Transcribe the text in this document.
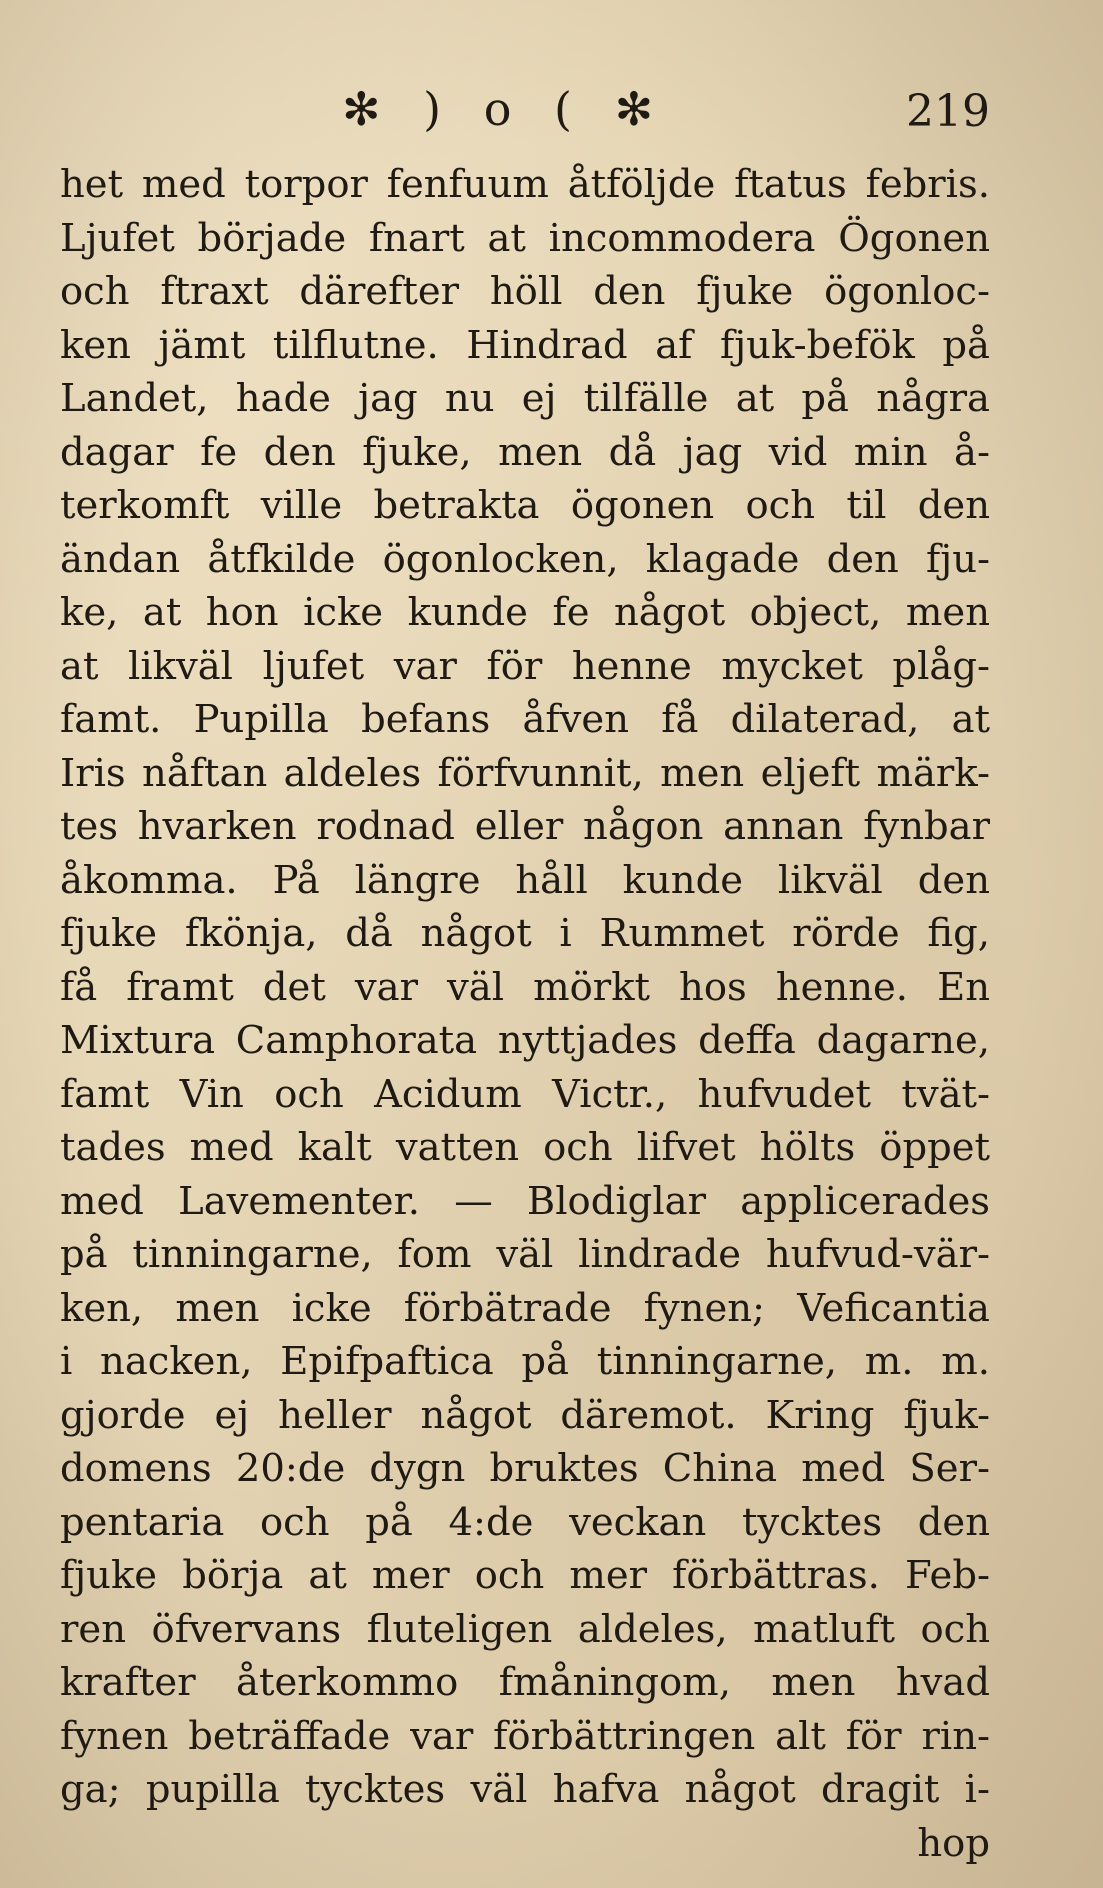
✻ ) o ( ✻	219
het med torpor fenfuum åtföljde ftatus febris.
Ljufet började fnart at incommodera Ögonen
och ftraxt därefter höll den fjuke ögonloc-
ken jämt tilflutne. Hindrad af fjuk-befök på
Landet, hade jag nu ej tilfälle at på några
dagar fe den fjuke, men då jag vid min å-
terkomft ville betrakta ögonen och til den
ändan åtfkilde ögonlocken, klagade den fju-
ke, at hon icke kunde fe något object, men
at likväl ljufet var för henne mycket plåg-
famt. Pupilla befans åfven få dilaterad, at
Iris nåftan aldeles förfvunnit, men eljeft märk-
tes hvarken rodnad eller någon annan fynbar
åkomma. På längre håll kunde likväl den
fjuke fkönja, då något i Rummet rörde fig,
få framt det var väl mörkt hos henne. En
Mixtura Camphorata nyttjades deffa dagarne,
famt Vin och Acidum Victr., hufvudet tvät-
tades med kalt vatten och lifvet hölts öppet
med Lavementer. — Blodiglar applicerades
på tinningarne, fom väl lindrade hufvud-vär-
ken, men icke förbätrade fynen; Veficantia
i nacken, Epifpaftica på tinningarne, m. m.
gjorde ej heller något däremot. Kring fjuk-
domens 20:de dygn bruktes China med Ser-
pentaria och på 4:de veckan tycktes den
fjuke börja at mer och mer förbättras. Feb-
ren öfvervans fluteligen aldeles, matluft och
krafter återkommo fmåningom, men hvad
fynen beträffade var förbättringen alt för rin-
ga; pupilla tycktes väl hafva något dragit i-
hop
